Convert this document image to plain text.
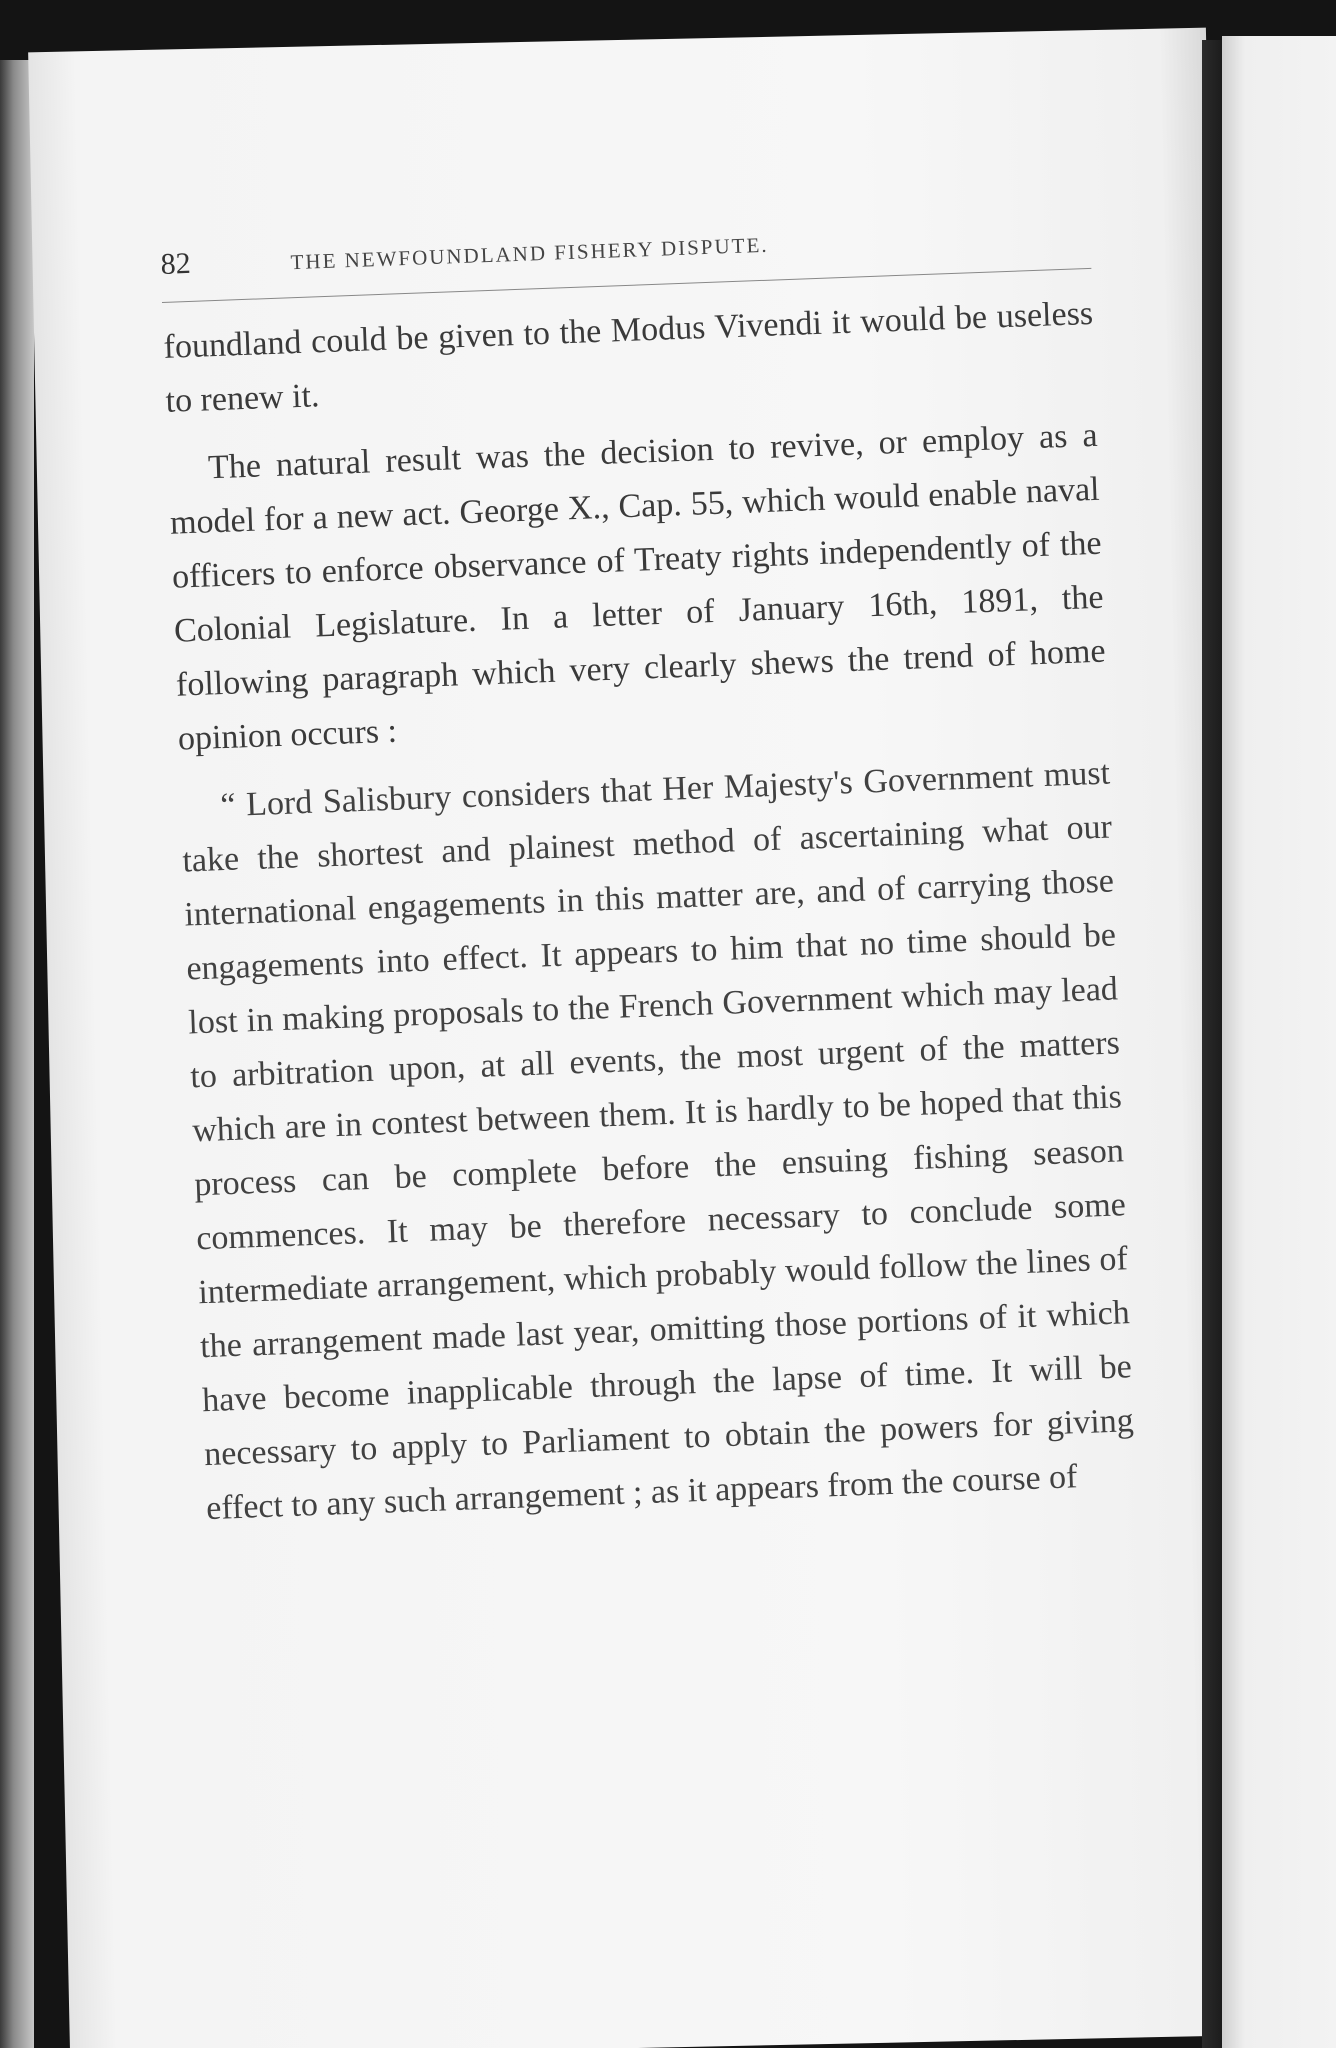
82	THE NEWFOUNDLAND FISHERY DISPUTE.

foundland could be given to the Modus Vivendi it would be useless to renew it.

The natural result was the decision to revive, or employ as a model for a new act. George X., Cap. 55, which would enable naval officers to enforce observance of Treaty rights independently of the Colonial Legislature. In a letter of January 16th, 1891, the following paragraph which very clearly shews the trend of home opinion occurs :

“ Lord Salisbury considers that Her Majesty's Government must take the shortest and plainest method of ascertaining what our international engagements in this matter are, and of carrying those engagements into effect. It appears to him that no time should be lost in making proposals to the French Government which may lead to arbitration upon, at all events, the most urgent of the matters which are in contest between them. It is hardly to be hoped that this process can be complete before the ensuing fishing season commences. It may be therefore necessary to conclude some intermediate arrangement, which probably would follow the lines of the arrangement made last year, omitting those portions of it which have become inapplicable through the lapse of time. It will be necessary to apply to Parliament to obtain the powers for giving effect to any such arrangement ; as it appears from the course of
